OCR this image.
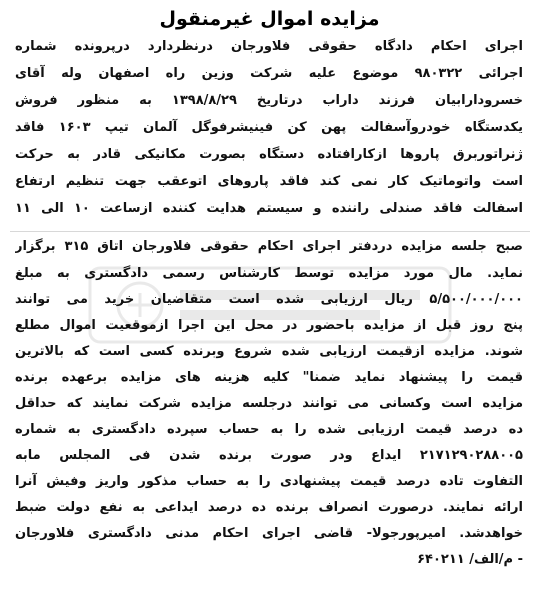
مزایده اموال غیرمنقول
اجرای احکام دادگاه حقوقی فلاورجان درنظردارد درپرونده شماره
اجرائی ۹۸۰۳۲۲ موضوع علیه شرکت وزین راه اصفهان وله آقای
خسرودارابیان فرزند داراب درتاریخ ۱۳۹۸/۸/۲۹ به منظور فروش
یکدستگاه خودروآسفالت پهن کن فینیشرفوگل آلمان تیپ ۱۶۰۳ فاقد
ژنراتوربرق پاروها ازکارافتاده دستگاه بصورت مکانیکی قادر به حرکت
است واتوماتیک کار نمی کند فاقد پاروهای اتوعقب جهت تنظیم ارتفاع
اسفالت فاقد صندلی راننده و سیستم هدایت کننده ازساعت ۱۰ الی ۱۱
صبح جلسه مزایده دردفتر اجرای احکام حقوقی فلاورجان اتاق ۳۱۵ برگزار
نماید. مال مورد مزایده توسط کارشناس رسمی دادگستری به مبلغ
۵/۵۰۰/۰۰۰/۰۰۰ ریال ارزیابی شده است متقاضیان خرید می توانند
پنج روز قبل از مزایده باحضور در محل این اجرا ازموقعیت اموال مطلع
شوند. مزایده ازقیمت ارزیابی شده شروع وبرنده کسی است که بالاترین
قیمت را پیشنهاد نماید ضمنا" کلیه هزینه های مزایده برعهده برنده
مزایده است وکسانی می توانند درجلسه مزایده شرکت نمایند که حداقل
ده درصد قیمت ارزیابی شده را به حساب سپرده دادگستری به شماره
۲۱۷۱۲۹۰۲۸۸۰۰۵ ایداع ودر صورت برنده شدن فی المجلس مابه
التفاوت تاده درصد قیمت پیشنهادی را به حساب مذکور واریز وفیش آنرا
ارائه نمایند. درصورت انصراف برنده ده درصد ایداعی به نفع دولت ضبط
خواهدشد. امیرپورجولا- قاضی اجرای احکام مدنی دادگستری فلاورجان
- م/الف/ ۶۴۰۲۱۱
